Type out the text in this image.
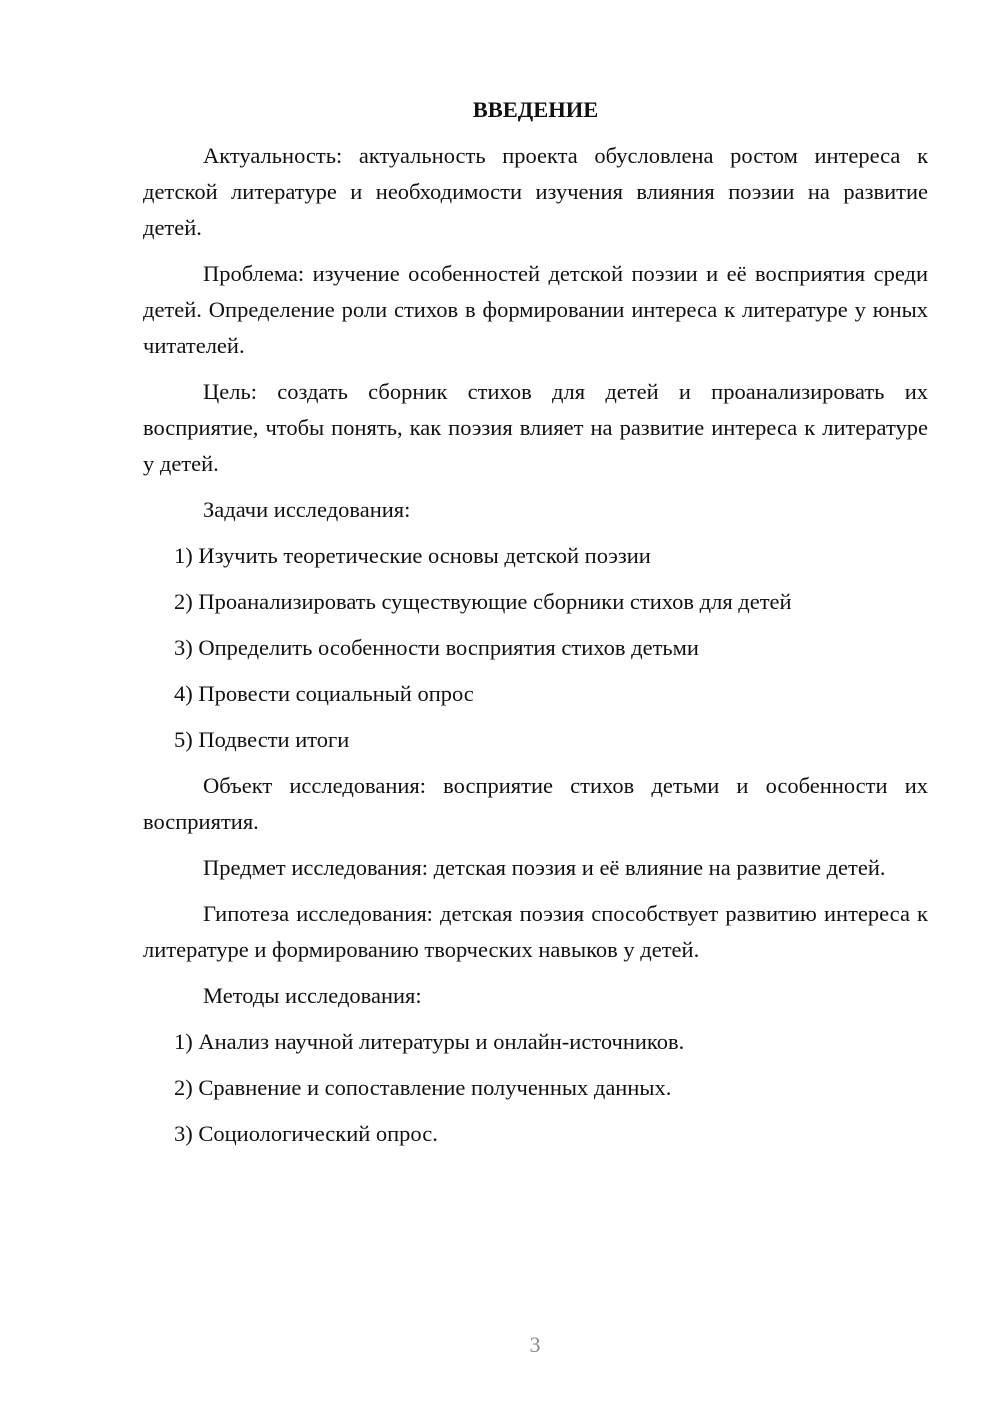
ВВЕДЕНИЕ

Актуальность: актуальность проекта обусловлена ростом интереса к детской литературе и необходимости изучения влияния поэзии на развитие детей.

Проблема: изучение особенностей детской поэзии и её восприятия среди детей. Определение роли стихов в формировании интереса к литературе у юных читателей.

Цель: создать сборник стихов для детей и проанализировать их восприятие, чтобы понять, как поэзия влияет на развитие интереса к литературе у детей.

Задачи исследования:

1) Изучить теоретические основы детской поэзии
2) Проанализировать существующие сборники стихов для детей
3) Определить особенности восприятия стихов детьми
4) Провести социальный опрос
5) Подвести итоги

Объект исследования: восприятие стихов детьми и особенности их восприятия.

Предмет исследования: детская поэзия и её влияние на развитие детей.

Гипотеза исследования: детская поэзия способствует развитию интереса к литературе и формированию творческих навыков у детей.

Методы исследования:

1) Анализ научной литературы и онлайн-источников.
2) Сравнение и сопоставление полученных данных.
3) Социологический опрос.
3
